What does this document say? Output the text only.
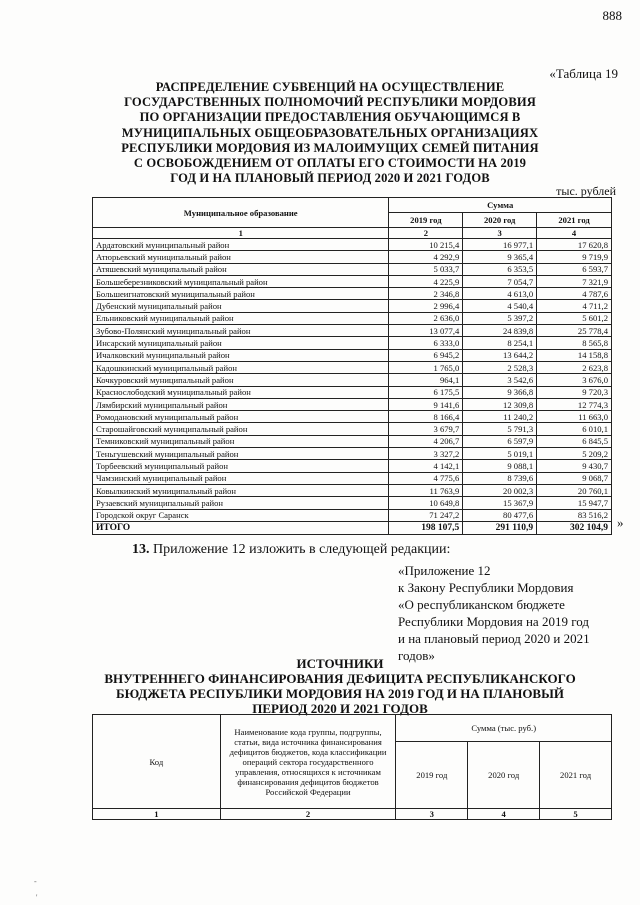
888
«Таблица 19
РАСПРЕДЕЛЕНИЕ СУБВЕНЦИЙ НА ОСУЩЕСТВЛЕНИЕ ГОСУДАРСТВЕННЫХ ПОЛНОМОЧИЙ РЕСПУБЛИКИ МОРДОВИЯ ПО ОРГАНИЗАЦИИ ПРЕДОСТАВЛЕНИЯ ОБУЧАЮЩИМСЯ В МУНИЦИПАЛЬНЫХ ОБЩЕОБРАЗОВАТЕЛЬНЫХ ОРГАНИЗАЦИЯХ РЕСПУБЛИКИ МОРДОВИЯ ИЗ МАЛОИМУЩИХ СЕМЕЙ ПИТАНИЯ С ОСВОБОЖДЕНИЕМ ОТ ОПЛАТЫ ЕГО СТОИМОСТИ НА 2019 ГОД И НА ПЛАНОВЫЙ ПЕРИОД 2020 И 2021 ГОДОВ
тыс. рублей
Муниципальное образование	Сумма		
	2019 год	2020 год	2021 год
1	2	3	4
Ардатовский муниципальный район	10 215,4	16 977,1	17 620,8
Атюрьевский муниципальный район	4 292,9	9 365,4	9 719,9
Атяшевский муниципальный район	5 033,7	6 353,5	6 593,7
Большеберезниковский муниципальный район	4 225,9	7 054,7	7 321,9
Большеигнатовский муниципальный район	2 346,8	4 613,0	4 787,6
Дубенский муниципальный район	2 996,4	4 540,4	4 711,2
Ельниковский муниципальный район	2 636,0	5 397,2	5 601,2
Зубово-Полянский муниципальный район	13 077,4	24 839,8	25 778,4
Инсарский муниципальный район	6 333,0	8 254,1	8 565,8
Ичалковский муниципальный район	6 945,2	13 644,2	14 158,8
Кадошкинский муниципальный район	1 765,0	2 528,3	2 623,8
Кочкуровский муниципальный район	964,1	3 542,6	3 676,0
Краснослободский муниципальный район	6 175,5	9 366,8	9 720,3
Лямбирский муниципальный район	9 141,6	12 309,8	12 774,3
Ромодановский муниципальный район	8 166,4	11 240,2	11 663,0
Старошайговский муниципальный район	3 679,7	5 791,3	6 010,1
Темниковский муниципальный район	4 206,7	6 597,9	6 845,5
Теньгушевский муниципальный район	3 327,2	5 019,1	5 209,2
Торбеевский муниципальный район	4 142,1	9 088,1	9 430,7
Чамзинский муниципальный район	4 775,6	8 739,6	9 068,7
Ковылкинский муниципальный район	11 763,9	20 002,3	20 760,1
Рузаевский муниципальный район	10 649,8	15 367,9	15 947,7
Городской округ Саранск	71 247,2	80 477,6	83 516,2
ИТОГО	198 107,5	291 110,9	302 104,9 »
13. Приложение 12 изложить в следующей редакции:
«Приложение 12
к Закону Республики Мордовия
«О республиканском бюджете
Республики Мордовия на 2019 год
и на плановый период 2020 и 2021
годов»
ИСТОЧНИКИ
ВНУТРЕННЕГО ФИНАНСИРОВАНИЯ ДЕФИЦИТА РЕСПУБЛИКАНСКОГО БЮДЖЕТА РЕСПУБЛИКИ МОРДОВИЯ НА 2019 ГОД И НА ПЛАНОВЫЙ ПЕРИОД 2020 И 2021 ГОДОВ
Код	Наименование кода группы, подгруппы, статьи, вида источника финансирования дефицитов бюджетов, кода классификации операций сектора государственного управления, относящихся к источникам финансирования дефицитов бюджетов Российской Федерации	Сумма (тыс. руб.)		
		2019 год	2020 год	2021 год
1	2	3	4	5
-
'
